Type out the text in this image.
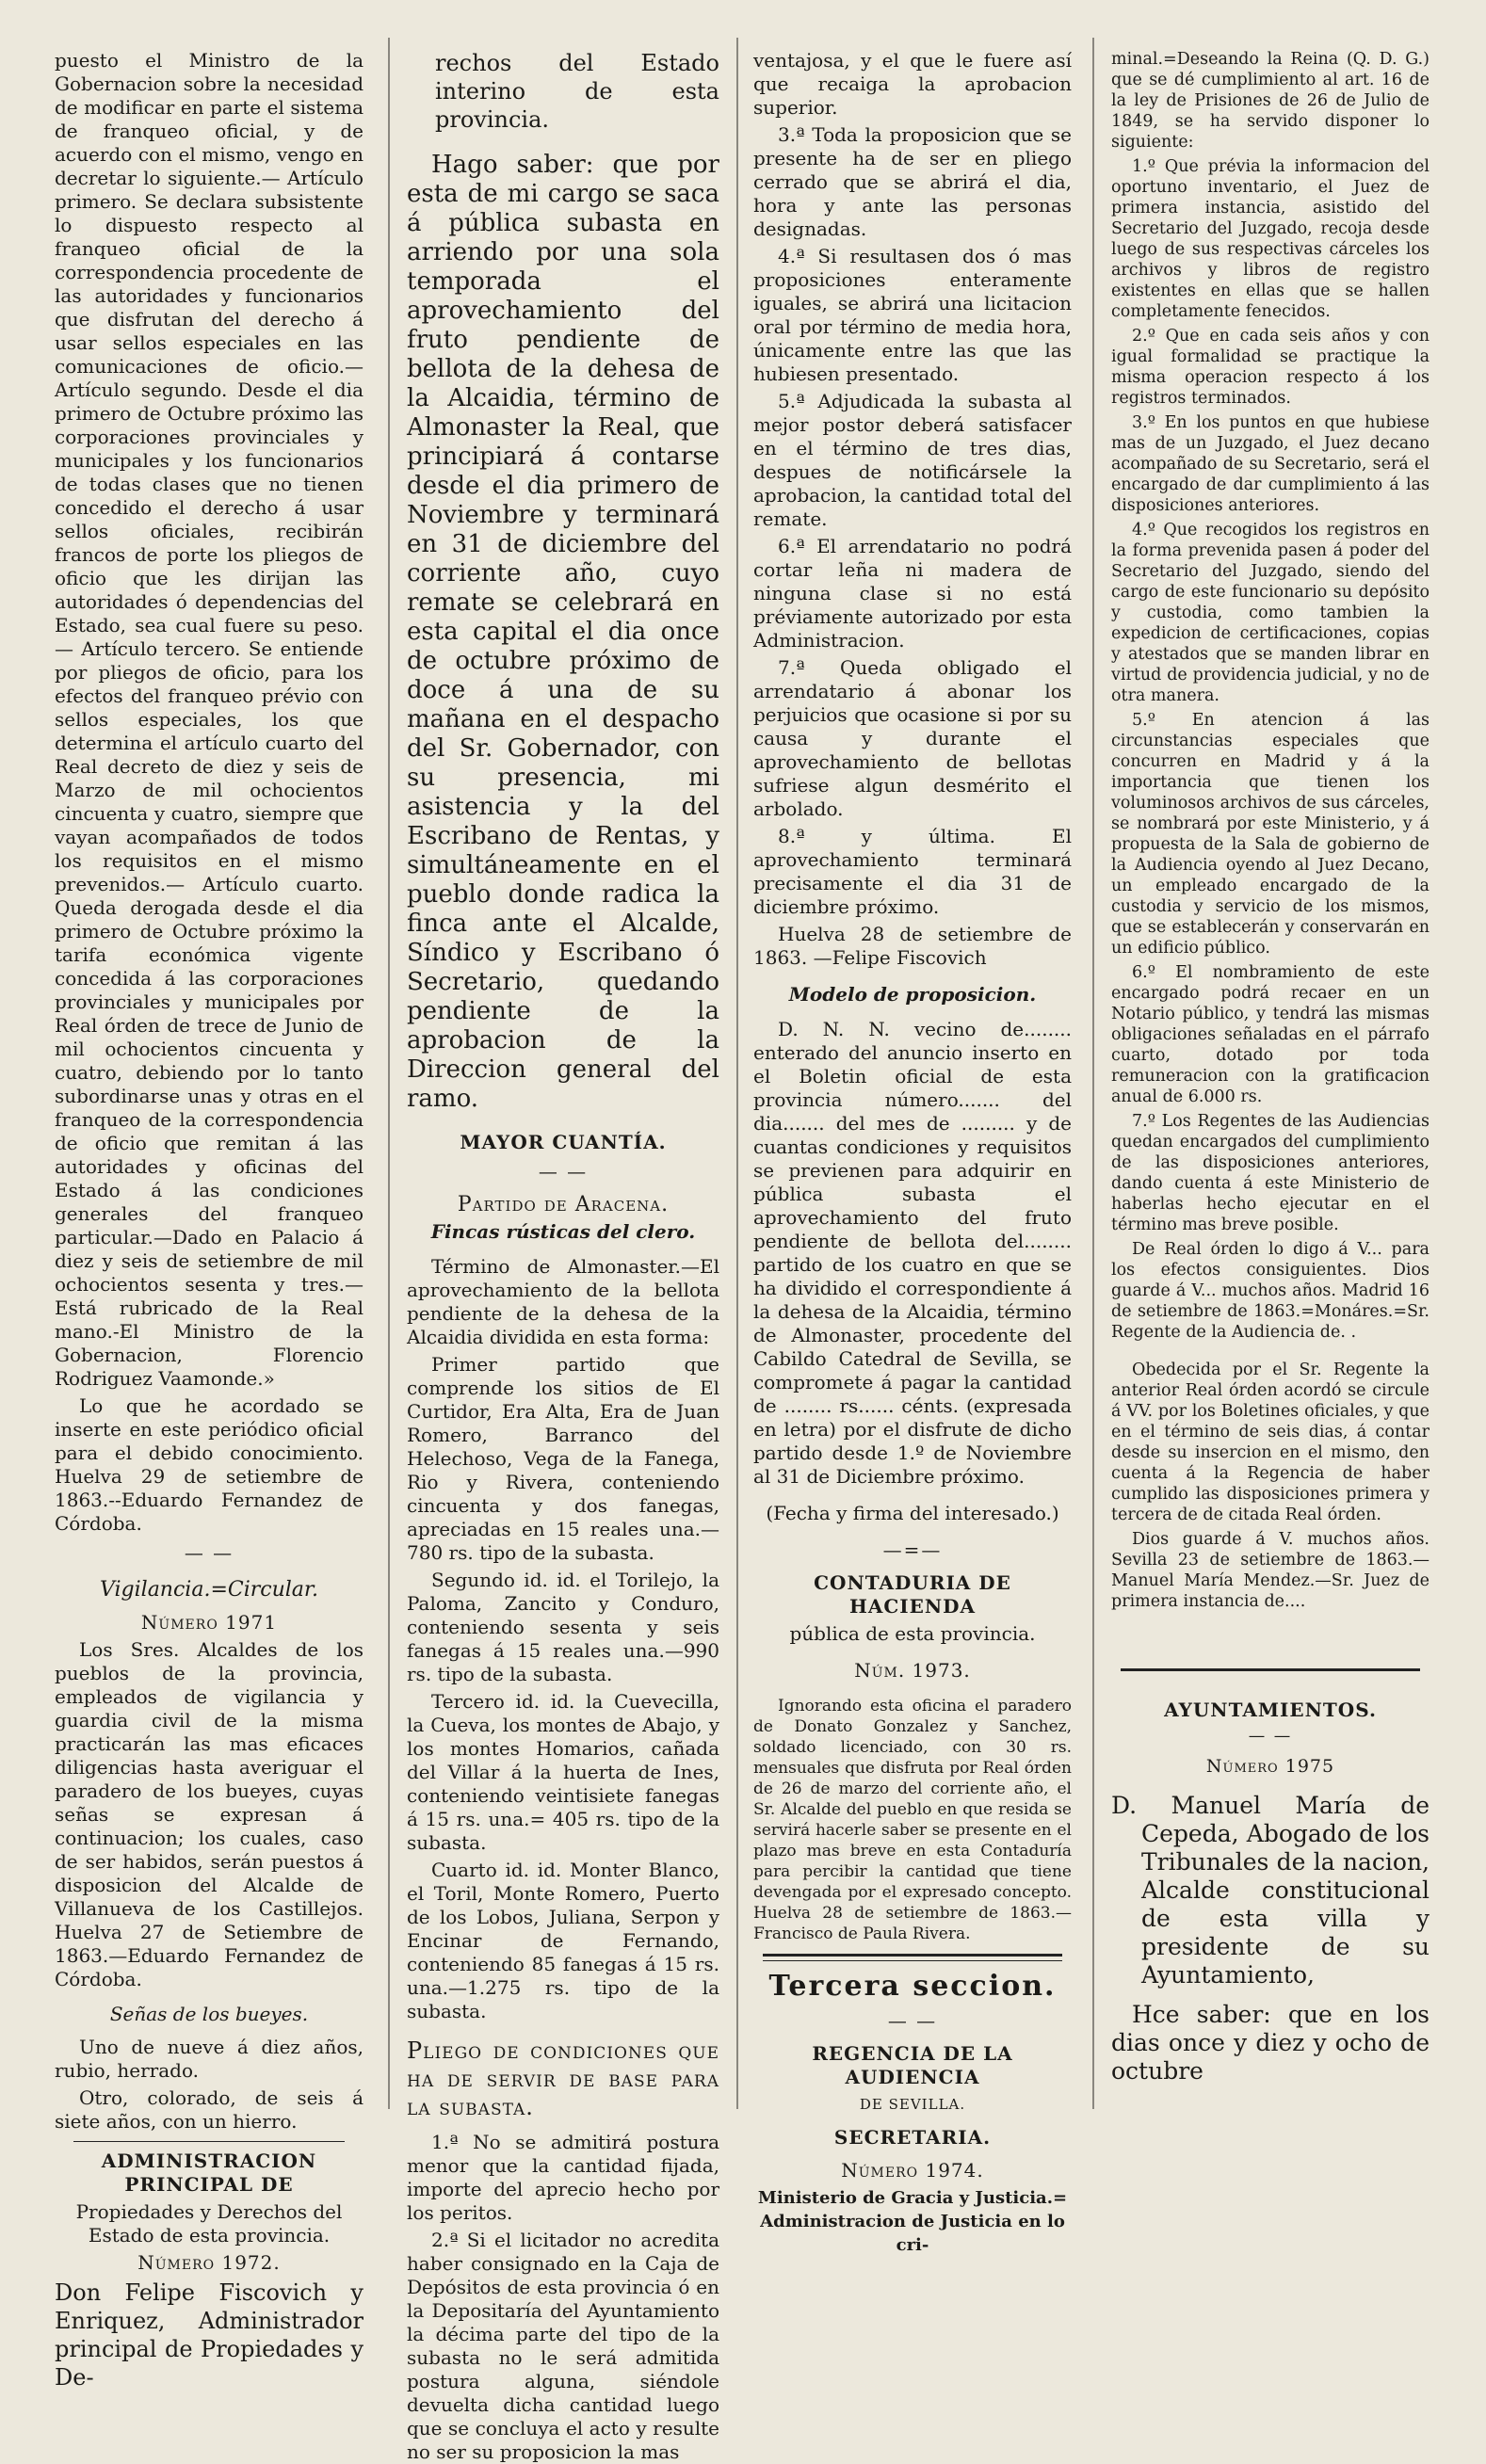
puesto el Ministro de la Gobernacion sobre la necesidad de modificar en parte el sistema de franqueo oficial, y de acuerdo con el mismo, vengo en decretar lo siguiente.— Artículo primero. Se declara subsistente lo dispuesto respecto al franqueo oficial de la correspondencia procedente de las autoridades y funcionarios que disfrutan del derecho á usar sellos especiales en las comunicaciones de oficio.—Artículo segundo. Desde el dia primero de Octubre próximo las corporaciones provinciales y municipales y los funcionarios de todas clases que no tienen concedido el derecho á usar sellos oficiales, recibirán francos de porte los pliegos de oficio que les dirijan las autoridades ó dependencias del Estado, sea cual fuere su peso.— Artículo tercero. Se entiende por pliegos de oficio, para los efectos del franqueo prévio con sellos especiales, los que determina el artículo cuarto del Real decreto de diez y seis de Marzo de mil ochocientos cincuenta y cuatro, siempre que vayan acompañados de todos los requisitos en el mismo prevenidos.— Artículo cuarto. Queda derogada desde el dia primero de Octubre próximo la tarifa económica vigente concedida á las corporaciones provinciales y municipales por Real órden de trece de Junio de mil ochocientos cincuenta y cuatro, debiendo por lo tanto subordinarse unas y otras en el franqueo de la correspondencia de oficio que remitan á las autoridades y oficinas del Estado á las condiciones generales del franqueo particular.—Dado en Palacio á diez y seis de setiembre de mil ochocientos sesenta y tres.— Está rubricado de la Real mano.-El Ministro de la Gobernacion, Florencio Rodriguez Vaamonde.»

Lo que he acordado se inserte en este periódico oficial para el debido conocimiento. Huelva 29 de setiembre de 1863.--Eduardo Fernandez de Córdoba.

— —

Vigilancia.=Circular.

Número 1971

Los Sres. Alcaldes de los pueblos de la provincia, empleados de vigilancia y guardia civil de la misma practicarán las mas eficaces diligencias hasta averiguar el paradero de los bueyes, cuyas señas se expresan á continuacion; los cuales, caso de ser habidos, serán puestos á disposicion del Alcalde de Villanueva de los Castillejos. Huelva 27 de Setiembre de 1863.—Eduardo Fernandez de Córdoba.

Señas de los bueyes.

Uno de nueve á diez años, rubio, herrado.

Otro, colorado, de seis á siete años, con un hierro.

ADMINISTRACION PRINCIPAL DE

Propiedades y Derechos del Estado de esta provincia.

Número 1972.

Don Felipe Fiscovich y Enriquez, Administrador principal de Propiedades y De-

rechos del Estado interino de esta provincia.

Hago saber: que por esta de mi cargo se saca á pública subasta en arriendo por una sola temporada el aprovechamiento del fruto pendiente de bellota de la dehesa de la Alcaidia, término de Almonaster la Real, que principiará á contarse desde el dia primero de Noviembre y terminará en 31 de diciembre del corriente año, cuyo remate se celebrará en esta capital el dia once de octubre próximo de doce á una de su mañana en el despacho del Sr. Gobernador, con su presencia, mi asistencia y la del Escribano de Rentas, y simultáneamente en el pueblo donde radica la finca ante el Alcalde, Síndico y Escribano ó Secretario, quedando pendiente de la aprobacion de la Direccion general del ramo.

MAYOR CUANTÍA.

— —

Partido de Aracena.

Fincas rústicas del clero.

Término de Almonaster.—El aprovechamiento de la bellota pendiente de la dehesa de la Alcaidia dividida en esta forma:

Primer partido que comprende los sitios de El Curtidor, Era Alta, Era de Juan Romero, Barranco del Helechoso, Vega de la Fanega, Rio y Rivera, conteniendo cincuenta y dos fanegas, apreciadas en 15 reales una.—780 rs. tipo de la subasta.

Segundo id. id. el Torilejo, la Paloma, Zancito y Conduro, conteniendo sesenta y seis fanegas á 15 reales una.—990 rs. tipo de la subasta.

Tercero id. id. la Cuevecilla, la Cueva, los montes de Abajo, y los montes Homarios, cañada del Villar á la huerta de Ines, conteniendo veintisiete fanegas á 15 rs. una.= 405 rs. tipo de la subasta.

Cuarto id. id. Monter Blanco, el Toril, Monte Romero, Puerto de los Lobos, Juliana, Serpon y Encinar de Fernando, conteniendo 85 fanegas á 15 rs. una.—1.275 rs. tipo de la subasta.

Pliego de condiciones que ha de servir de base para la subasta.

1.ª No se admitirá postura menor que la cantidad fijada, importe del aprecio hecho por los peritos.

2.ª Si el licitador no acredita haber consignado en la Caja de Depósitos de esta provincia ó en la Depositaría del Ayuntamiento la décima parte del tipo de la subasta no le será admitida postura alguna, siéndole devuelta dicha cantidad luego que se concluya el acto y resulte no ser su proposicion la mas

ventajosa, y el que le fuere así que recaiga la aprobacion superior.

3.ª Toda la proposicion que se presente ha de ser en pliego cerrado que se abrirá el dia, hora y ante las personas designadas.

4.ª Si resultasen dos ó mas proposiciones enteramente iguales, se abrirá una licitacion oral por término de media hora, únicamente entre las que las hubiesen presentado.

5.ª Adjudicada la subasta al mejor postor deberá satisfacer en el término de tres dias, despues de notificársele la aprobacion, la cantidad total del remate.

6.ª El arrendatario no podrá cortar leña ni madera de ninguna clase si no está préviamente autorizado por esta Administracion.

7.ª Queda obligado el arrendatario á abonar los perjuicios que ocasione si por su causa y durante el aprovechamiento de bellotas sufriese algun desmérito el arbolado.

8.ª y última. El aprovechamiento terminará precisamente el dia 31 de diciembre próximo.

Huelva 28 de setiembre de 1863. —Felipe Fiscovich

Modelo de proposicion.

D. N. N. vecino de........ enterado del anuncio inserto en el Boletin oficial de esta provincia número....... del dia....... del mes de ......... y de cuantas condiciones y requisitos se previenen para adquirir en pública subasta el aprovechamiento del fruto pendiente de bellota del........ partido de los cuatro en que se ha dividido el correspondiente á la dehesa de la Alcaidia, término de Almonaster, procedente del Cabildo Catedral de Sevilla, se compromete á pagar la cantidad de ........ rs...... cénts. (expresada en letra) por el disfrute de dicho partido desde 1.º de Noviembre al 31 de Diciembre próximo.

(Fecha y firma del interesado.)

—=—

CONTADURIA DE HACIENDA

pública de esta provincia.

Núm. 1973.

Ignorando esta oficina el paradero de Donato Gonzalez y Sanchez, soldado licenciado, con 30 rs. mensuales que disfruta por Real órden de 26 de marzo del corriente año, el Sr. Alcalde del pueblo en que resida se servirá hacerle saber se presente en el plazo mas breve en esta Contaduría para percibir la cantidad que tiene devengada por el expresado concepto. Huelva 28 de setiembre de 1863.— Francisco de Paula Rivera.

Tercera seccion.

— —

REGENCIA DE LA AUDIENCIA

DE SEVILLA.

SECRETARIA.

Número 1974.

Ministerio de Gracia y Justicia.= Administracion de Justicia en lo cri-

minal.=Deseando la Reina (Q. D. G.) que se dé cumplimiento al art. 16 de la ley de Prisiones de 26 de Julio de 1849, se ha servido disponer lo siguiente:

1.º Que prévia la informacion del oportuno inventario, el Juez de primera instancia, asistido del Secretario del Juzgado, recoja desde luego de sus respectivas cárceles los archivos y libros de registro existentes en ellas que se hallen completamente fenecidos.

2.º Que en cada seis años y con igual formalidad se practique la misma operacion respecto á los registros terminados.

3.º En los puntos en que hubiese mas de un Juzgado, el Juez decano acompañado de su Secretario, será el encargado de dar cumplimiento á las disposiciones anteriores.

4.º Que recogidos los registros en la forma prevenida pasen á poder del Secretario del Juzgado, siendo del cargo de este funcionario su depósito y custodia, como tambien la expedicion de certificaciones, copias y atestados que se manden librar en virtud de providencia judicial, y no de otra manera.

5.º En atencion á las circunstancias especiales que concurren en Madrid y á la importancia que tienen los voluminosos archivos de sus cárceles, se nombrará por este Ministerio, y á propuesta de la Sala de gobierno de la Audiencia oyendo al Juez Decano, un empleado encargado de la custodia y servicio de los mismos, que se establecerán y conservarán en un edificio público.

6.º El nombramiento de este encargado podrá recaer en un Notario público, y tendrá las mismas obligaciones señaladas en el párrafo cuarto, dotado por toda remuneracion con la gratificacion anual de 6.000 rs.

7.º Los Regentes de las Audiencias quedan encargados del cumplimiento de las disposiciones anteriores, dando cuenta á este Ministerio de haberlas hecho ejecutar en el término mas breve posible.

De Real órden lo digo á V... para los efectos consiguientes. Dios guarde á V... muchos años. Madrid 16 de setiembre de 1863.=Monáres.=Sr. Regente de la Audiencia de. .

Obedecida por el Sr. Regente la anterior Real órden acordó se circule á VV. por los Boletines oficiales, y que en el término de seis dias, á contar desde su insercion en el mismo, den cuenta á la Regencia de haber cumplido las disposiciones primera y tercera de de citada Real órden.

Dios guarde á V. muchos años. Sevilla 23 de setiembre de 1863.—Manuel María Mendez.—Sr. Juez de primera instancia de....

AYUNTAMIENTOS.

— —

Número 1975

D. Manuel María de Cepeda, Abogado de los Tribunales de la nacion, Alcalde constitucional de esta villa y presidente de su Ayuntamiento,

Hce saber: que en los dias once y diez y ocho de octubre
